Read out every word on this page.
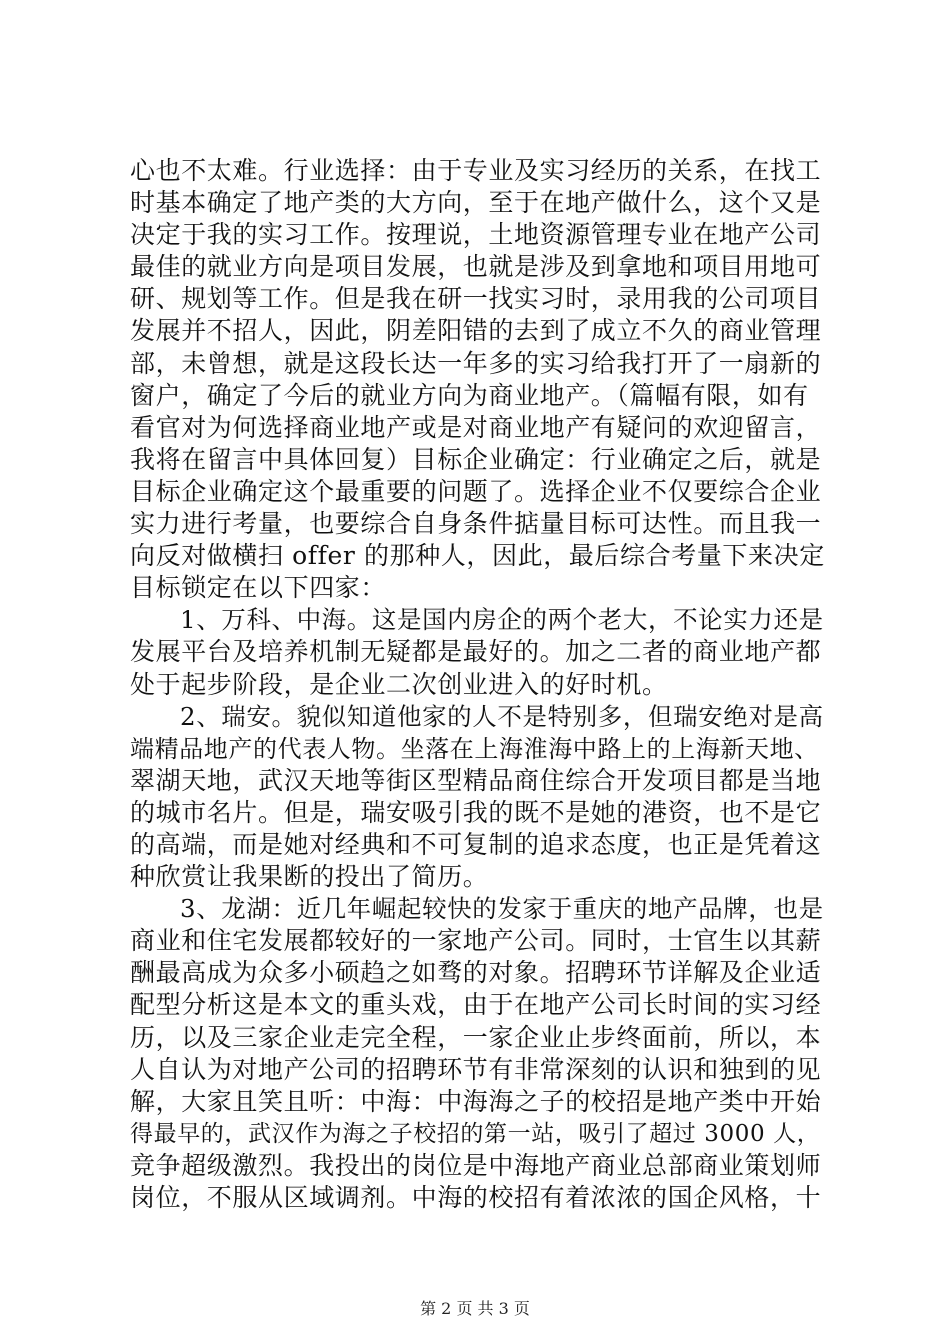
心也不太难。行业选择：由于专业及实习经历的关系，在找工
时基本确定了地产类的大方向，至于在地产做什么，这个又是
决定于我的实习工作。按理说，土地资源管理专业在地产公司
最佳的就业方向是项目发展，也就是涉及到拿地和项目用地可
研、规划等工作。但是我在研一找实习时，录用我的公司项目
发展并不招人，因此，阴差阳错的去到了成立不久的商业管理
部，未曾想，就是这段长达一年多的实习给我打开了一扇新的
窗户，确定了今后的就业方向为商业地产。（篇幅有限，如有
看官对为何选择商业地产或是对商业地产有疑问的欢迎留言，
我将在留言中具体回复）目标企业确定：行业确定之后，就是
目标企业确定这个最重要的问题了。选择企业不仅要综合企业
实力进行考量，也要综合自身条件掂量目标可达性。而且我一
向反对做横扫 offer 的那种人，因此，最后综合考量下来决定
目标锁定在以下四家：
1、万科、中海。这是国内房企的两个老大，不论实力还是
发展平台及培养机制无疑都是最好的。加之二者的商业地产都
处于起步阶段，是企业二次创业进入的好时机。
2、瑞安。貌似知道他家的人不是特别多，但瑞安绝对是高
端精品地产的代表人物。坐落在上海淮海中路上的上海新天地、
翠湖天地，武汉天地等街区型精品商住综合开发项目都是当地
的城市名片。但是，瑞安吸引我的既不是她的港资，也不是它
的高端，而是她对经典和不可复制的追求态度，也正是凭着这
种欣赏让我果断的投出了简历。
3、龙湖：近几年崛起较快的发家于重庆的地产品牌，也是
商业和住宅发展都较好的一家地产公司。同时，士官生以其薪
酬最高成为众多小硕趋之如骛的对象。招聘环节详解及企业适
配型分析这是本文的重头戏，由于在地产公司长时间的实习经
历，以及三家企业走完全程，一家企业止步终面前，所以，本
人自认为对地产公司的招聘环节有非常深刻的认识和独到的见
解，大家且笑且听：中海：中海海之子的校招是地产类中开始
得最早的，武汉作为海之子校招的第一站，吸引了超过 3000 人，
竞争超级激烈。我投出的岗位是中海地产商业总部商业策划师
岗位，不服从区域调剂。中海的校招有着浓浓的国企风格，十
第 2 页 共 3 页
